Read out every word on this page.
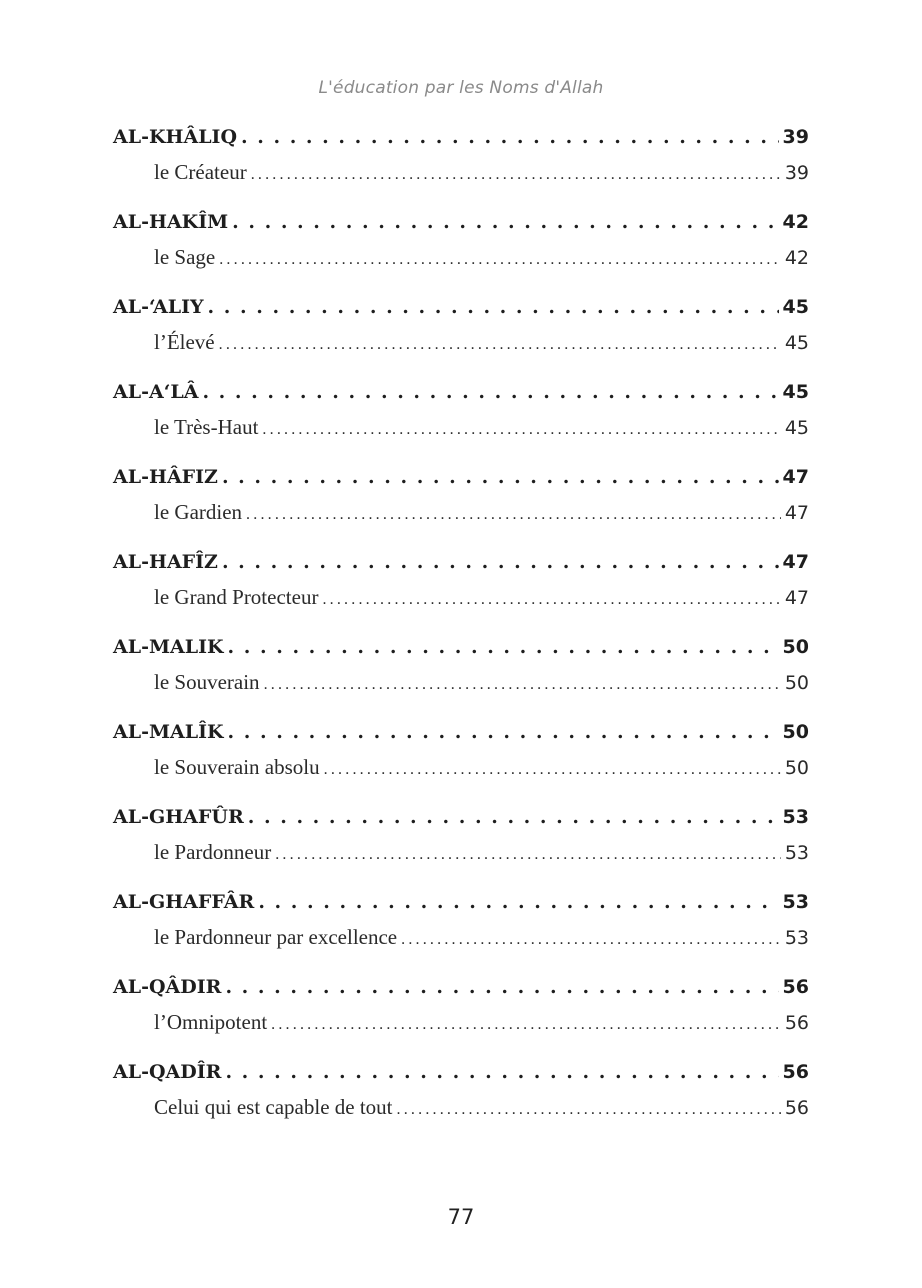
L'éducation par les Noms d'Allah
AL-KHÂLIQ . . .	39
le Créateur . . .	39
AL-HAKÎM . . .	42
le Sage . . .	42
AL-‘ALIY . . .	45
l’Élevé . . .	45
AL-A‘LÂ . . .	45
le Très-Haut . . .	45
AL-HÂFIZ . . .	47
le Gardien . . .	47
AL-HAFÎZ . . .	47
le Grand Protecteur . . .	47
AL-MALIK . . .	50
le Souverain . . .	50
AL-MALÎK . . .	50
le Souverain absolu . . .	50
AL-GHAFÛR . . .	53
le Pardonneur . . .	53
AL-GHAFFÂR . . .	53
le Pardonneur par excellence . . .	53
AL-QÂDIR . . .	56
l’Omnipotent . . .	56
AL-QADÎR . . .	56
Celui qui est capable de tout . . .	56
77
